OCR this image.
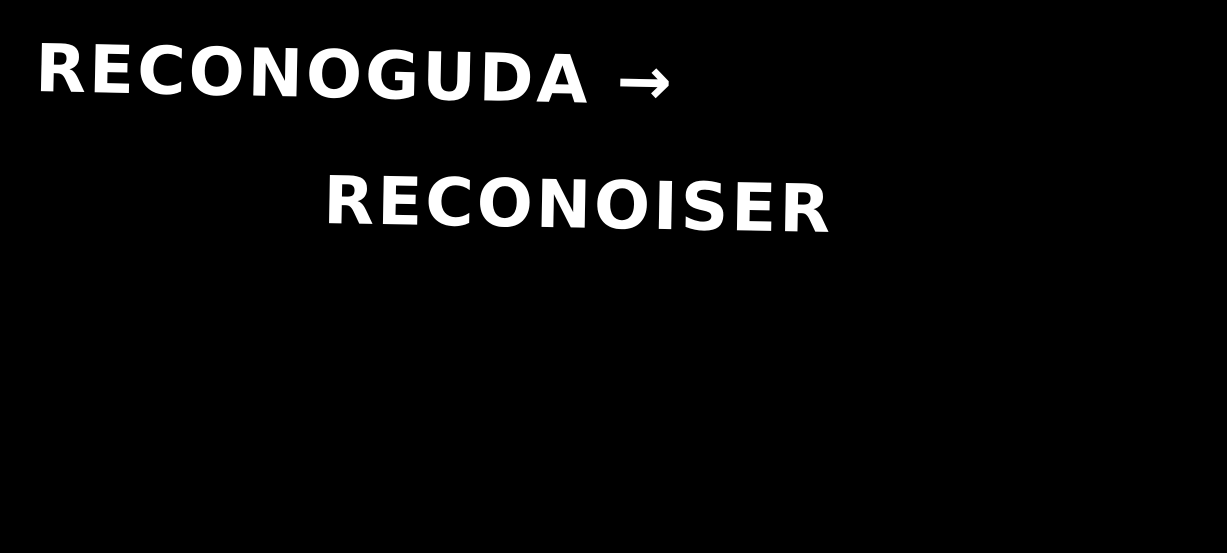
RECONOGUDA →
RECONOISER
